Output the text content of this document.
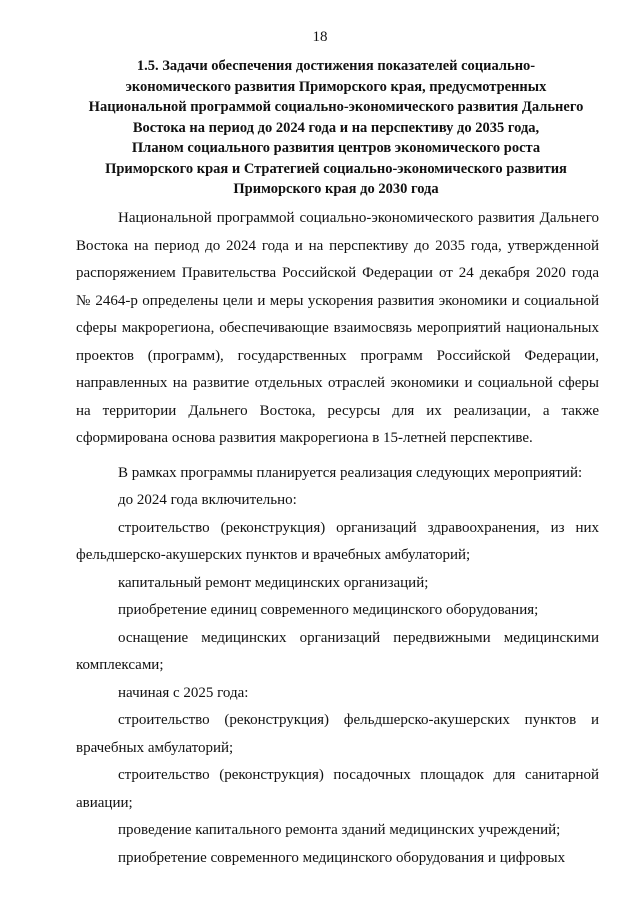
18
1.5. Задачи обеспечения достижения показателей социально-
экономического развития Приморского края, предусмотренных
Национальной программой социально-экономического развития Дальнего
Востока на период до 2024 года и на перспективу до 2035 года,
Планом социального развития центров экономического роста
Приморского края и Стратегией социально-экономического развития
Приморского края до 2030 года

Национальной программой социально-экономического развития Дальнего Востока на период до 2024 года и на перспективу до 2035 года, утвержденной распоряжением Правительства Российской Федерации от 24 декабря 2020 года № 2464-р определены цели и меры ускорения развития экономики и социальной сферы макрорегиона, обеспечивающие взаимосвязь мероприятий национальных проектов (программ), государственных программ Российской Федерации, направленных на развитие отдельных отраслей экономики и социальной сферы на территории Дальнего Востока, ресурсы для их реализации, а также сформирована основа развития макрорегиона в 15-летней перспективе.

В рамках программы планируется реализация следующих мероприятий:

до 2024 года включительно:

строительство (реконструкция) организаций здравоохранения, из них фельдшерско-акушерских пунктов и врачебных амбулаторий;

капитальный ремонт медицинских организаций;

приобретение единиц современного медицинского оборудования;

оснащение медицинских организаций передвижными медицинскими комплексами;

начиная с 2025 года:

строительство (реконструкция) фельдшерско-акушерских пунктов и врачебных амбулаторий;

строительство (реконструкция) посадочных площадок для санитарной авиации;

проведение капитального ремонта зданий медицинских учреждений;

приобретение современного медицинского оборудования и цифровых
